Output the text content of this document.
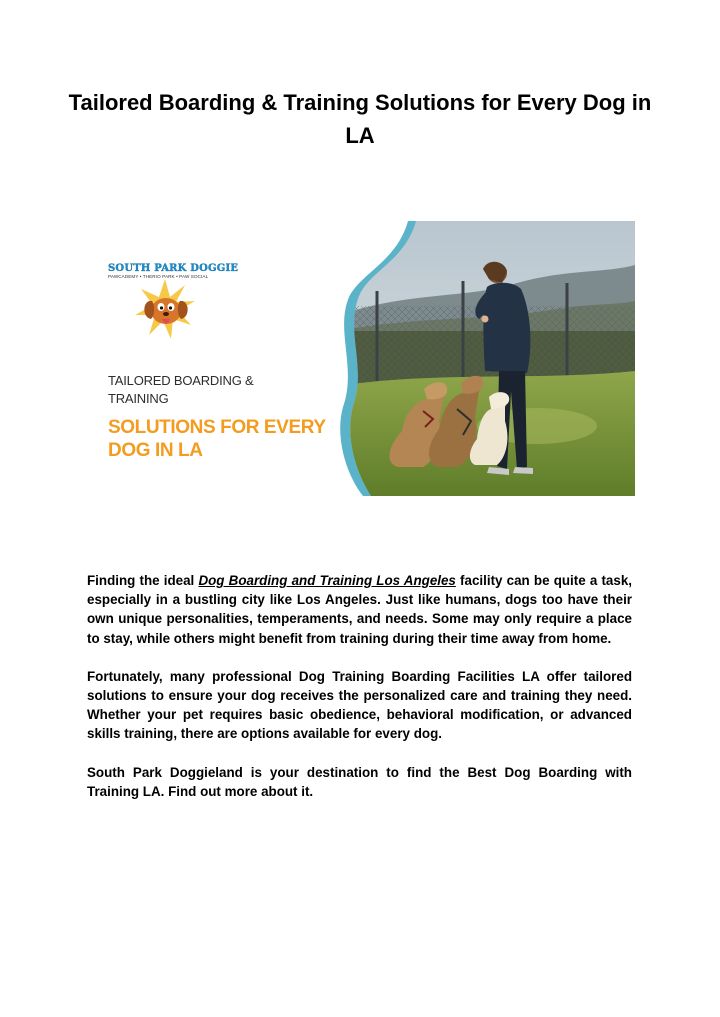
Tailored Boarding & Training Solutions for Every Dog in LA
SOUTH PARK DOGGIE
PAWCADEMY • THERIO PARK • PAW SOCIAL
TAILORED BOARDING & TRAINING
SOLUTIONS FOR EVERY DOG IN LA

Finding the ideal Dog Boarding and Training Los Angeles facility can be quite a task, especially in a bustling city like Los Angeles. Just like humans, dogs too have their own unique personalities, temperaments, and needs. Some may only require a place to stay, while others might benefit from training during their time away from home.

Fortunately, many professional Dog Training Boarding Facilities LA offer tailored solutions to ensure your dog receives the personalized care and training they need. Whether your pet requires basic obedience, behavioral modification, or advanced skills training, there are options available for every dog.

South Park Doggieland is your destination to find the Best Dog Boarding with Training LA. Find out more about it.
